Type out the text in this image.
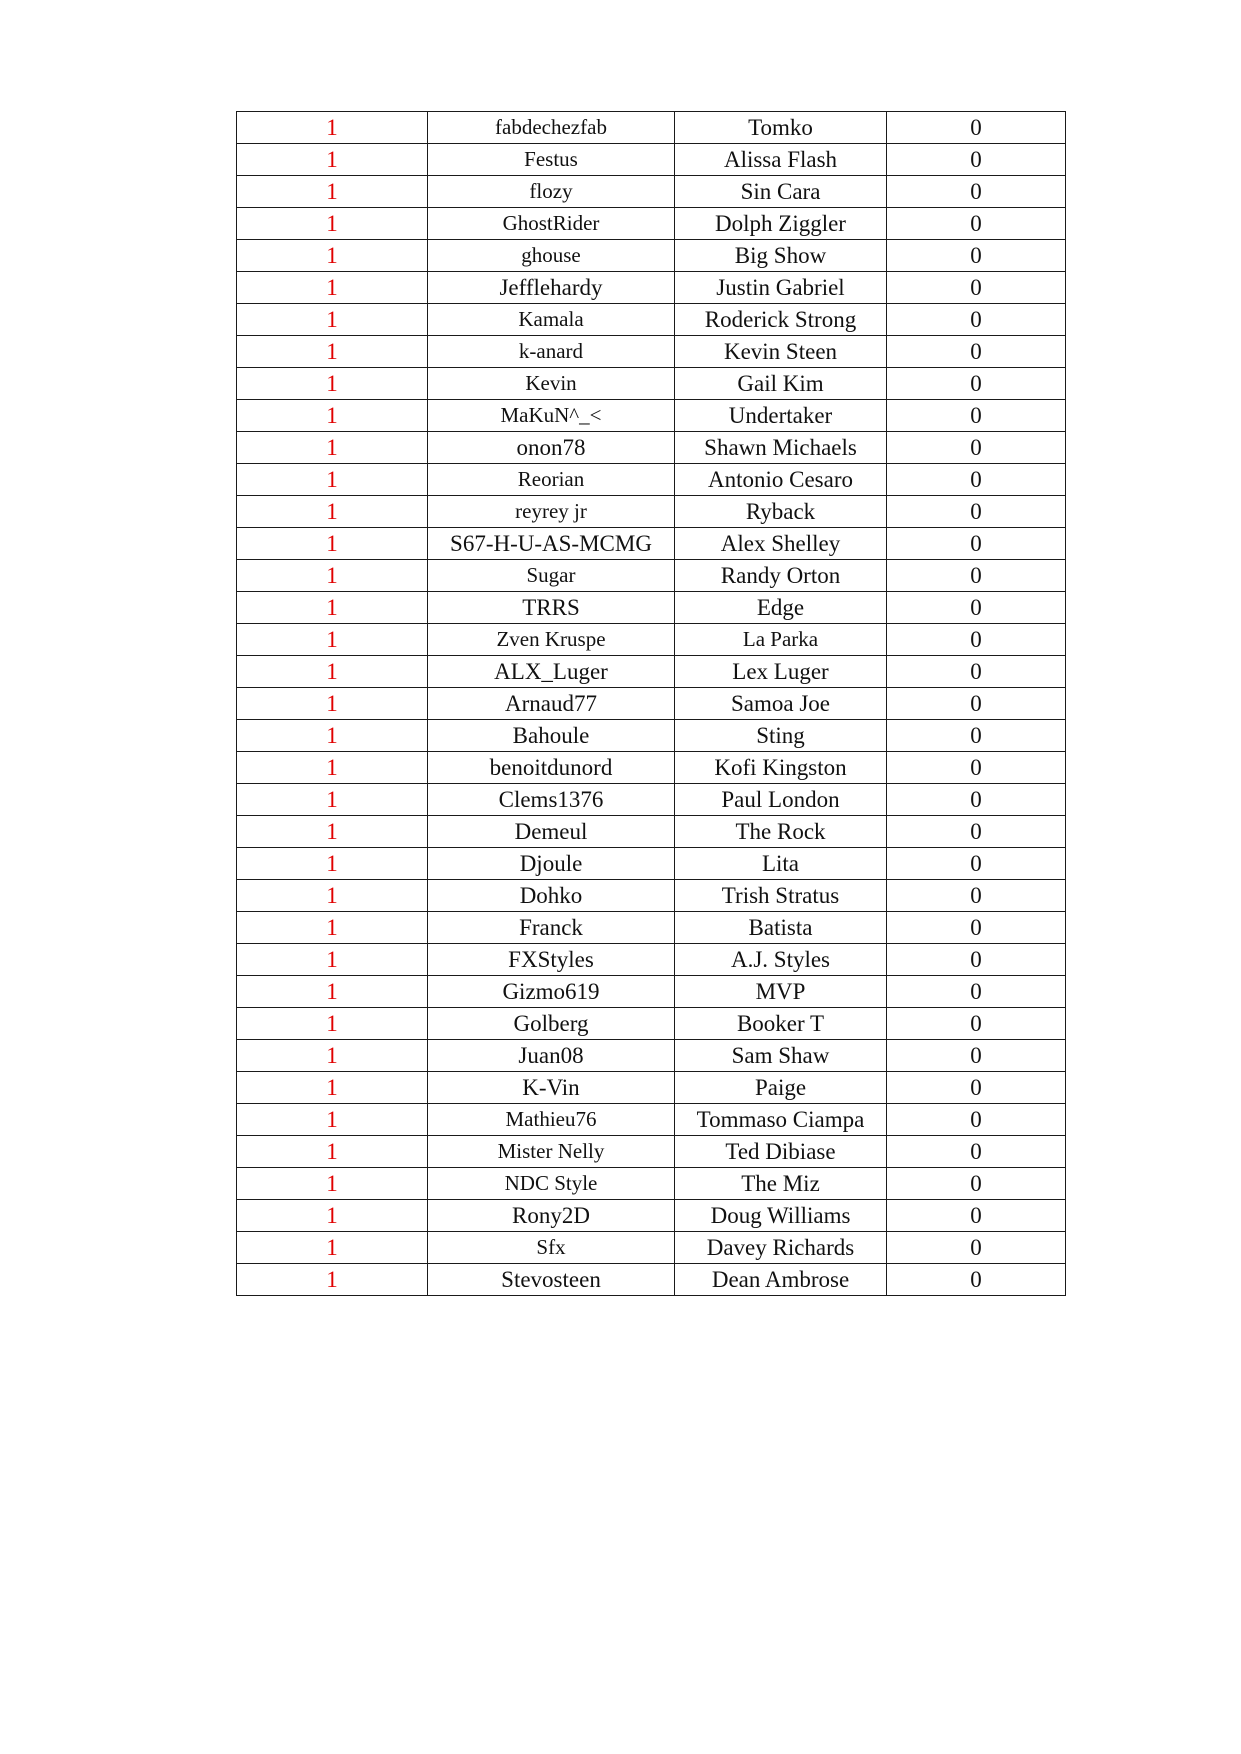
1	fabdechezfab	Tomko	0
1	Festus	Alissa Flash	0
1	flozy	Sin Cara	0
1	GhostRider	Dolph Ziggler	0
1	ghouse	Big Show	0
1	Jefflehardy	Justin Gabriel	0
1	Kamala	Roderick Strong	0
1	k-anard	Kevin Steen	0
1	Kevin	Gail Kim	0
1	MaKuN^_<	Undertaker	0
1	onon78	Shawn Michaels	0
1	Reorian	Antonio Cesaro	0
1	reyrey jr	Ryback	0
1	S67-H-U-AS-MCMG	Alex Shelley	0
1	Sugar	Randy Orton	0
1	TRRS	Edge	0
1	Zven Kruspe	La Parka	0
1	ALX_Luger	Lex Luger	0
1	Arnaud77	Samoa Joe	0
1	Bahoule	Sting	0
1	benoitdunord	Kofi Kingston	0
1	Clems1376	Paul London	0
1	Demeul	The Rock	0
1	Djoule	Lita	0
1	Dohko	Trish Stratus	0
1	Franck	Batista	0
1	FXStyles	A.J. Styles	0
1	Gizmo619	MVP	0
1	Golberg	Booker T	0
1	Juan08	Sam Shaw	0
1	K-Vin	Paige	0
1	Mathieu76	Tommaso Ciampa	0
1	Mister Nelly	Ted Dibiase	0
1	NDC Style	The Miz	0
1	Rony2D	Doug Williams	0
1	Sfx	Davey Richards	0
1	Stevosteen	Dean Ambrose	0
